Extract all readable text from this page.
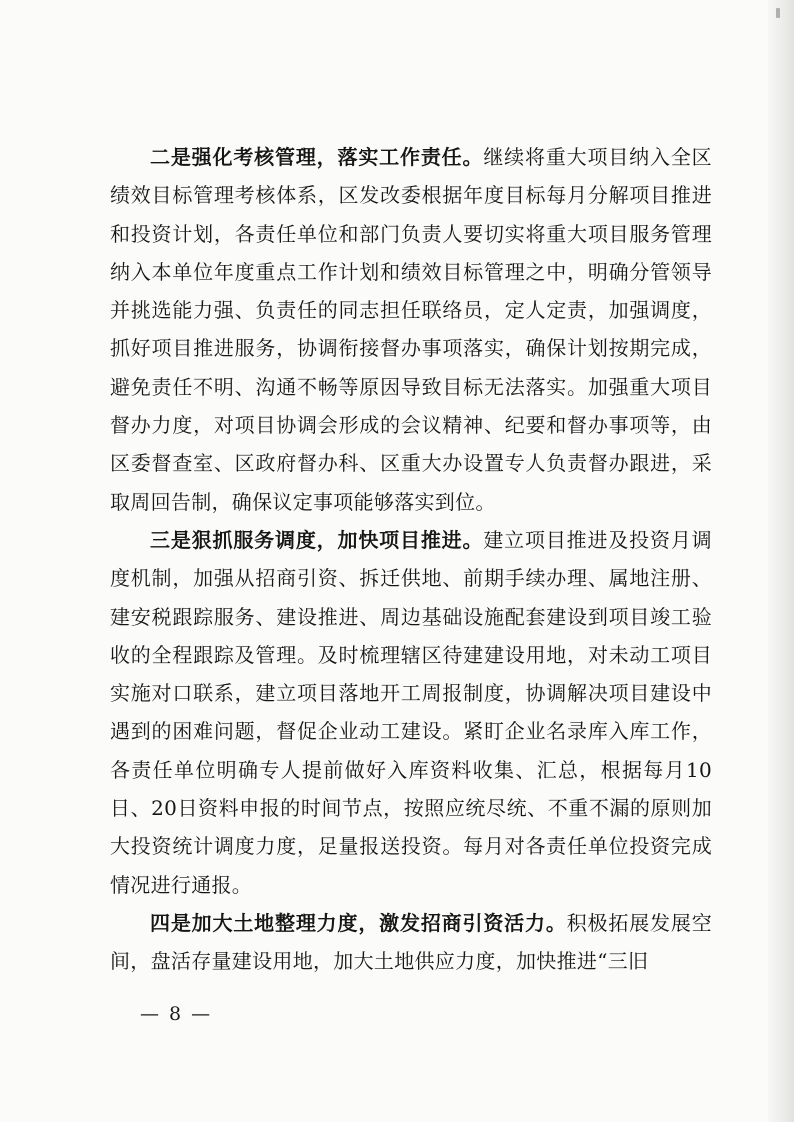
二是强化考核管理，落实工作责任。继续将重大项目纳入全区绩效目标管理考核体系，区发改委根据年度目标每月分解项目推进和投资计划，各责任单位和部门负责人要切实将重大项目服务管理纳入本单位年度重点工作计划和绩效目标管理之中，明确分管领导并挑选能力强、负责任的同志担任联络员，定人定责，加强调度，抓好项目推进服务，协调衔接督办事项落实，确保计划按期完成，避免责任不明、沟通不畅等原因导致目标无法落实。加强重大项目督办力度，对项目协调会形成的会议精神、纪要和督办事项等，由区委督查室、区政府督办科、区重大办设置专人负责督办跟进，采取周回告制，确保议定事项能够落实到位。

三是狠抓服务调度，加快项目推进。建立项目推进及投资月调度机制，加强从招商引资、拆迁供地、前期手续办理、属地注册、建安税跟踪服务、建设推进、周边基础设施配套建设到项目竣工验收的全程跟踪及管理。及时梳理辖区待建建设用地，对未动工项目实施对口联系，建立项目落地开工周报制度，协调解决项目建设中遇到的困难问题，督促企业动工建设。紧盯企业名录库入库工作，各责任单位明确专人提前做好入库资料收集、汇总，根据每月10日、20日资料申报的时间节点，按照应统尽统、不重不漏的原则加大投资统计调度力度，足量报送投资。每月对各责任单位投资完成情况进行通报。

四是加大土地整理力度，激发招商引资活力。积极拓展发展空间，盘活存量建设用地，加大土地供应力度，加快推进“三旧

— 8 —
